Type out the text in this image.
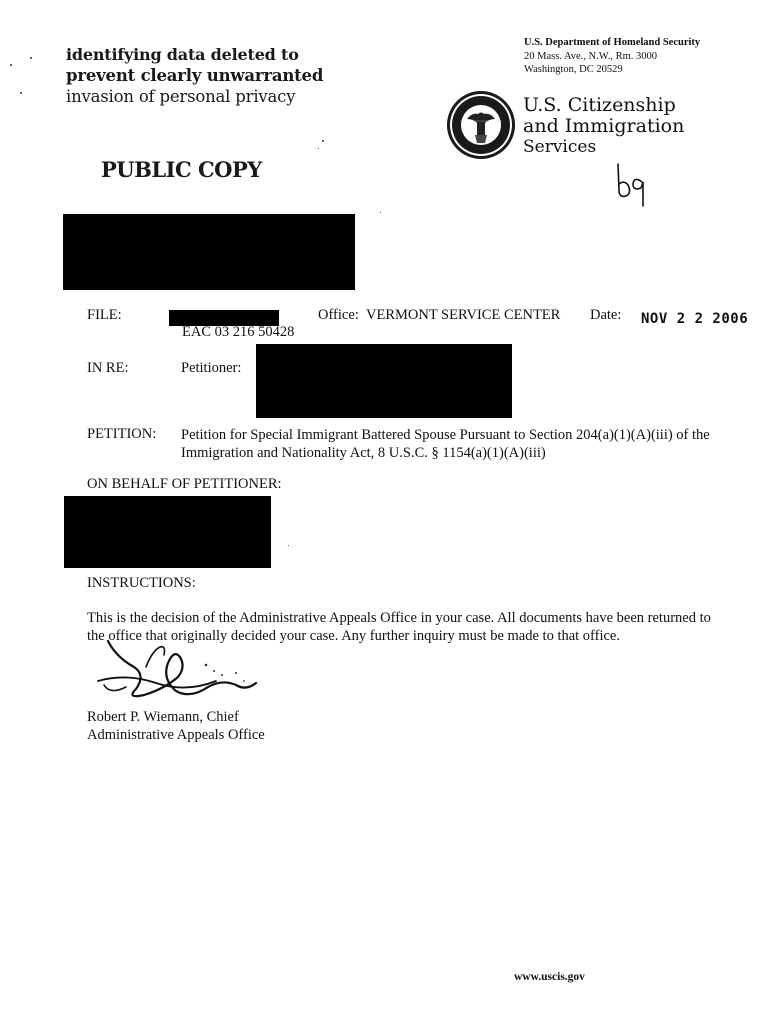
identifying data deleted to
prevent clearly unwarranted
invasion of personal privacy
U.S. Department of Homeland Security
20 Mass. Ave., N.W., Rm. 3000
Washington, DC 20529
U.S. Citizenship
and Immigration
Services
PUBLIC COPY
FILE:
EAC 03 216 50428
Office: VERMONT SERVICE CENTER Date: NOV 2 2 2006
IN RE:	Petitioner:
PETITION: Petition for Special Immigrant Battered Spouse Pursuant to Section 204(a)(1)(A)(iii) of the
Immigration and Nationality Act, 8 U.S.C. § 1154(a)(1)(A)(iii)
ON BEHALF OF PETITIONER:
INSTRUCTIONS:
This is the decision of the Administrative Appeals Office in your case. All documents have been returned to
the office that originally decided your case. Any further inquiry must be made to that office.
Robert P. Wiemann, Chief
Administrative Appeals Office
www.uscis.gov
